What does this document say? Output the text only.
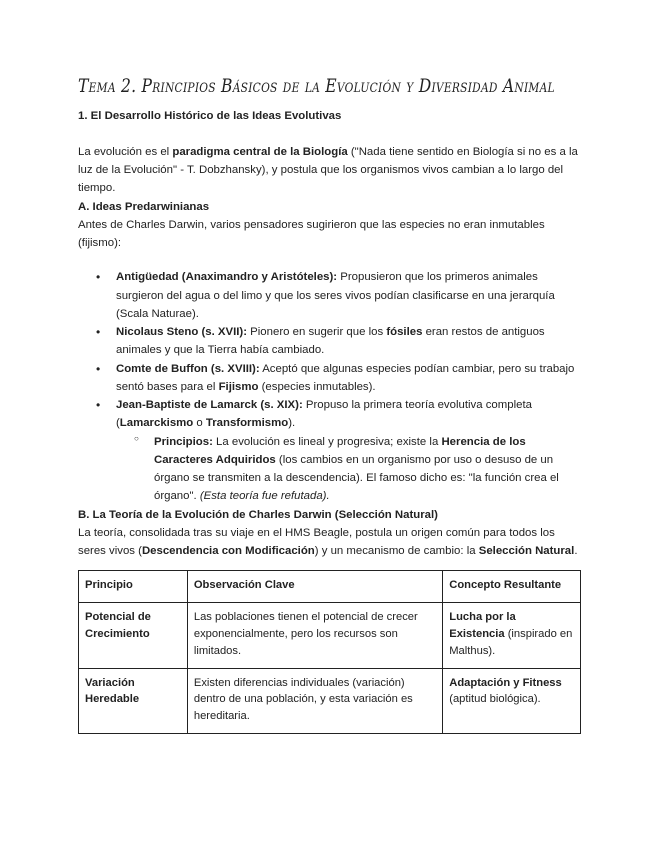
Tema 2. Principios Básicos de la Evolución y Diversidad Animal
1. El Desarrollo Histórico de las Ideas Evolutivas

La evolución es el paradigma central de la Biología ("Nada tiene sentido en Biología si no es a la luz de la Evolución" - T. Dobzhansky), y postula que los organismos vivos cambian a lo largo del tiempo.

A. Ideas Predarwinianas

Antes de Charles Darwin, varios pensadores sugirieron que las especies no eran inmutables (fijismo):

• Antigüedad (Anaximandro y Aristóteles): Propusieron que los primeros animales surgieron del agua o del limo y que los seres vivos podían clasificarse en una jerarquía (Scala Naturae).
• Nicolaus Steno (s. XVII): Pionero en sugerir que los fósiles eran restos de antiguos animales y que la Tierra había cambiado.
• Comte de Buffon (s. XVIII): Aceptó que algunas especies podían cambiar, pero su trabajo sentó bases para el Fijismo (especies inmutables).
• Jean-Baptiste de Lamarck (s. XIX): Propuso la primera teoría evolutiva completa (Lamarckismo o Transformismo).
○ Principios: La evolución es lineal y progresiva; existe la Herencia de los Caracteres Adquiridos (los cambios en un organismo por uso o desuso de un órgano se transmiten a la descendencia). El famoso dicho es: "la función crea el órgano". (Esta teoría fue refutada).
B. La Teoría de la Evolución de Charles Darwin (Selección Natural)

La teoría, consolidada tras su viaje en el HMS Beagle, postula un origen común para todos los seres vivos (Descendencia con Modificación) y un mecanismo de cambio: la Selección Natural.

Principio	Observación Clave	Concepto Resultante
Potencial de Crecimiento	Las poblaciones tienen el potencial de crecer exponencialmente, pero los recursos son limitados.	Lucha por la Existencia (inspirado en Malthus).
Variación Heredable	Existen diferencias individuales (variación) dentro de una población, y esta variación es hereditaria.	Adaptación y Fitness (aptitud biológica).
